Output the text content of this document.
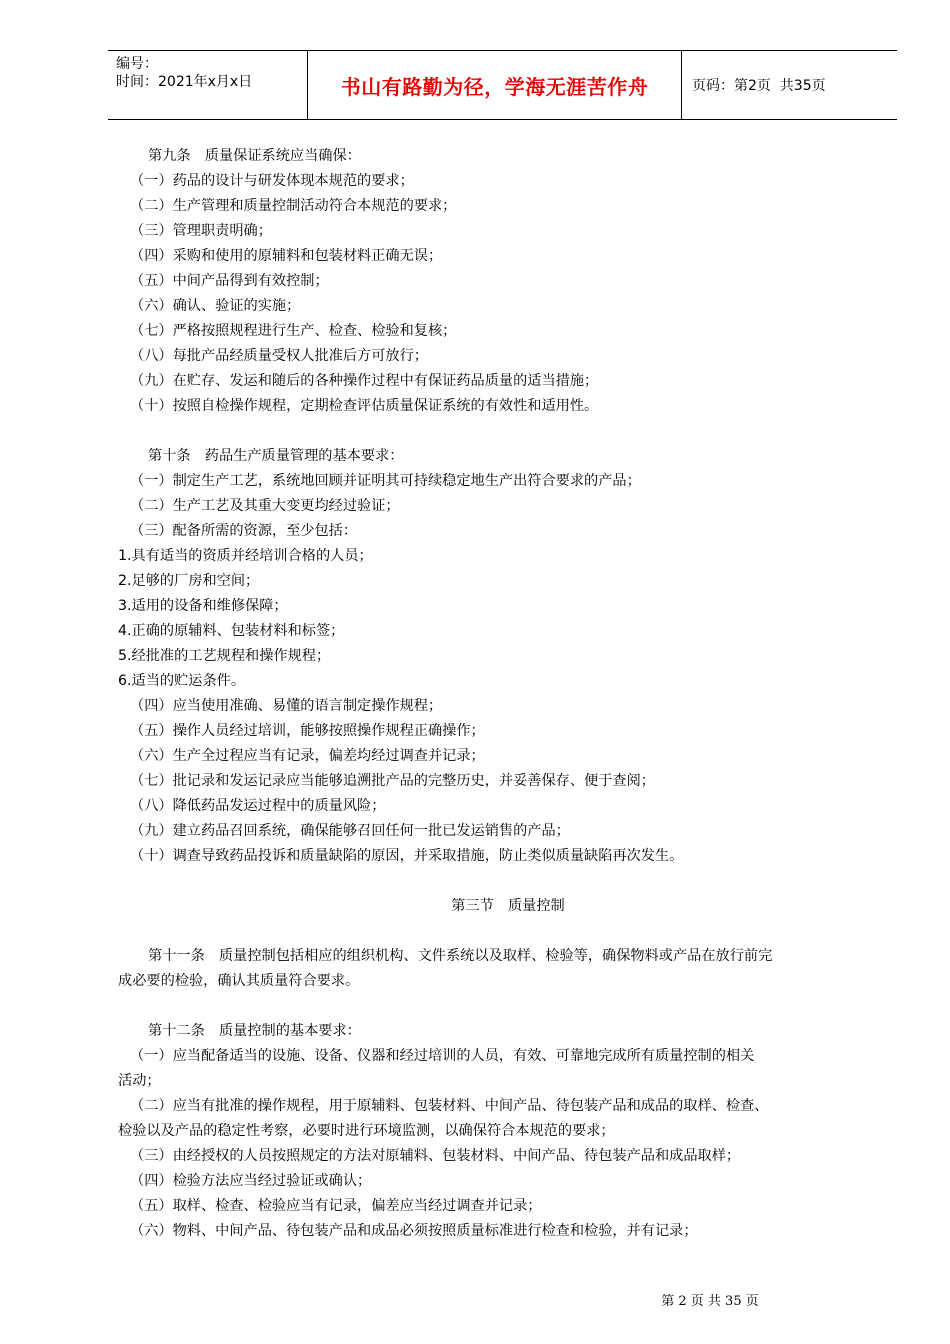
编号：
时间：2021年x月x日	书山有路勤为径，学海无涯苦作舟	页码：第2页  共35页

第九条　质量保证系统应当确保：

（一）药品的设计与研发体现本规范的要求；

（二）生产管理和质量控制活动符合本规范的要求；

（三）管理职责明确；

（四）采购和使用的原辅料和包装材料正确无误；

（五）中间产品得到有效控制；

（六）确认、验证的实施；

（七）严格按照规程进行生产、检查、检验和复核；

（八）每批产品经质量受权人批准后方可放行；

（九）在贮存、发运和随后的各种操作过程中有保证药品质量的适当措施；

（十）按照自检操作规程，定期检查评估质量保证系统的有效性和适用性。

第十条　药品生产质量管理的基本要求：

（一）制定生产工艺，系统地回顾并证明其可持续稳定地生产出符合要求的产品；

（二）生产工艺及其重大变更均经过验证；

（三）配备所需的资源，至少包括：

1.具有适当的资质并经培训合格的人员；

2.足够的厂房和空间；

3.适用的设备和维修保障；

4.正确的原辅料、包装材料和标签；

5.经批准的工艺规程和操作规程；

6.适当的贮运条件。

（四）应当使用准确、易懂的语言制定操作规程；

（五）操作人员经过培训，能够按照操作规程正确操作；

（六）生产全过程应当有记录，偏差均经过调查并记录；

（七）批记录和发运记录应当能够追溯批产品的完整历史，并妥善保存、便于查阅；

（八）降低药品发运过程中的质量风险；

（九）建立药品召回系统，确保能够召回任何一批已发运销售的产品；

（十）调查导致药品投诉和质量缺陷的原因，并采取措施，防止类似质量缺陷再次发生。

第三节　质量控制

第十一条　质量控制包括相应的组织机构、文件系统以及取样、检验等，确保物料或产品在放行前完

成必要的检验，确认其质量符合要求。

第十二条　质量控制的基本要求：

（一）应当配备适当的设施、设备、仪器和经过培训的人员，有效、可靠地完成所有质量控制的相关

活动；

（二）应当有批准的操作规程，用于原辅料、包装材料、中间产品、待包装产品和成品的取样、检查、

检验以及产品的稳定性考察，必要时进行环境监测，以确保符合本规范的要求；

（三）由经授权的人员按照规定的方法对原辅料、包装材料、中间产品、待包装产品和成品取样；

（四）检验方法应当经过验证或确认；

（五）取样、检查、检验应当有记录，偏差应当经过调查并记录；

（六）物料、中间产品、待包装产品和成品必须按照质量标准进行检查和检验，并有记录；

第 2 页 共 35 页
